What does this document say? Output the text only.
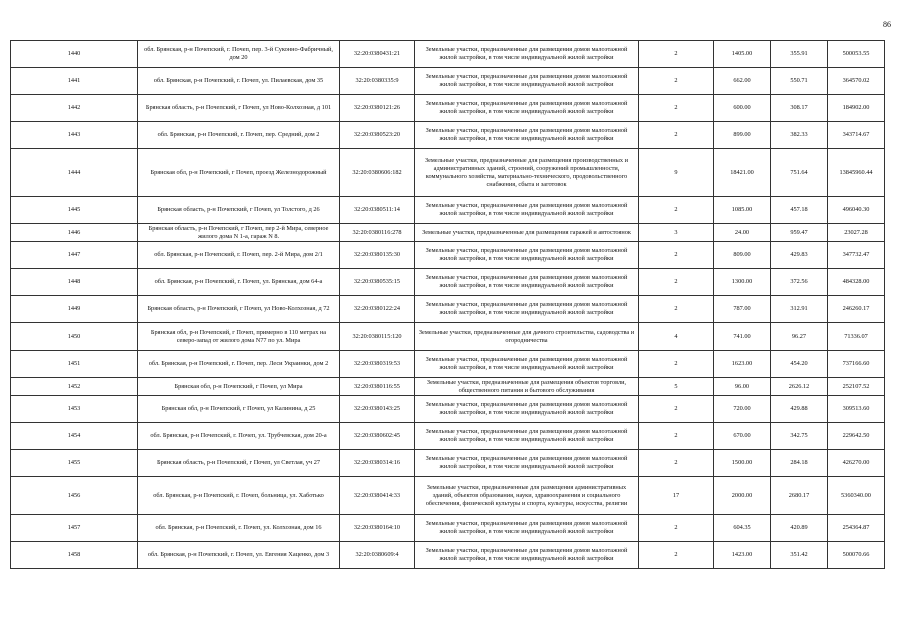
86
1440	обл. Брянская, р-н Почепский, г. Почеп, пер. 3-й Суконно-Фабричный, дом 20	32:20:0380431:21	Земельные участки, предназначенные для размещения домов малоэтажной жилой застройки, в том числе индивидуальной жилой застройки	2	1405.00	355.91	500053.55
1441	обл. Брянская, р-н Почепский, г. Почеп, ул. Пилаевская, дом 35	32:20:0380335:9	Земельные участки, предназначенные для размещения домов малоэтажной жилой застройки, в том числе индивидуальной жилой застройки	2	662.00	550.71	364570.02
1442	Брянская область, р-н Почепский, г Почеп, ул Ново-Колхозная, д 101	32:20:0380121:26	Земельные участки, предназначенные для размещения домов малоэтажной жилой застройки, в том числе индивидуальной жилой застройки	2	600.00	308.17	184902.00
1443	обл. Брянская, р-н Почепский, г. Почеп, пер. Средний, дом 2	32:20:0380523:20	Земельные участки, предназначенные для размещения домов малоэтажной жилой застройки, в том числе индивидуальной жилой застройки	2	899.00	382.33	343714.67
1444	Брянская обл, р-н Почепский, г Почеп, проезд Железнодорожный	32:20:0380606:182	Земельные участки, предназначенные для размещения производственных и административных зданий, строений, сооружений промышленности, коммунального хозяйства, материально-технического, продовольственного снабжения, сбыта и заготовок	9	18421.00	751.64	13845960.44
1445	Брянская область, р-н Почепский, г Почеп, ул Толстого, д 26	32:20:0380511:14	Земельные участки, предназначенные для размещения домов малоэтажной жилой застройки, в том числе индивидуальной жилой застройки	2	1085.00	457.18	496040.30
1446	Брянская область, р-н Почепский, г Почеп, пер 2-й Мира, северное жилого дома N 1-а, гараж N 8.	32:20:0380116:278	Земельные участки, предназначенные для размещения гаражей и автостоянок	3	24.00	959.47	23027.28
1447	обл. Брянская, р-н Почепский, г. Почеп, пер. 2-й Мира, дом 2/1	32:20:0380135:30	Земельные участки, предназначенные для размещения домов малоэтажной жилой застройки, в том числе индивидуальной жилой застройки	2	809.00	429.83	347732.47
1448	обл. Брянская, р-н Почепский, г. Почеп, ул. Брянская, дом 64-а	32:20:0380535:15	Земельные участки, предназначенные для размещения домов малоэтажной жилой застройки, в том числе индивидуальной жилой застройки	2	1300.00	372.56	484328.00
1449	Брянская область, р-н Почепский, г Почеп, ул Ново-Колхозная, д 72	32:20:0380122:24	Земельные участки, предназначенные для размещения домов малоэтажной жилой застройки, в том числе индивидуальной жилой застройки	2	787.00	312.91	246260.17
1450	Брянская обл, р-н Почепский, г Почеп, примерно в 110 метрах на северо-запад от жилого дома N77 по ул. Мира	32:20:0380115:120	Земельные участки, предназначенные для дачного строительства, садоводства и огородничества	4	741.00	96.27	71336.07
1451	обл. Брянская, р-н Почепский, г. Почеп, пер. Леси Украинки, дом 2	32:20:0380319:53	Земельные участки, предназначенные для размещения домов малоэтажной жилой застройки, в том числе индивидуальной жилой застройки	2	1623.00	454.20	737166.60
1452	Брянская обл, р-н Почепский, г Почеп, ул Мира	32:20:0380116:55	Земельные участки, предназначенные для размещения объектов торговли, общественного питания и бытового обслуживания	5	96.00	2626.12	252107.52
1453	Брянская обл, р-н Почепский, г Почеп, ул Калинина, д 25	32:20:0380143:25	Земельные участки, предназначенные для размещения домов малоэтажной жилой застройки, в том числе индивидуальной жилой застройки	2	720.00	429.88	309513.60
1454	обл. Брянская, р-н Почепский, г. Почеп, ул. Трубчевская, дом 20-а	32:20:0380602:45	Земельные участки, предназначенные для размещения домов малоэтажной жилой застройки, в том числе индивидуальной жилой застройки	2	670.00	342.75	229642.50
1455	Брянская область, р-н Почепский, г Почеп, ул Светлая, уч 27	32:20:0380314:16	Земельные участки, предназначенные для размещения домов малоэтажной жилой застройки, в том числе индивидуальной жилой застройки	2	1500.00	284.18	426270.00
1456	обл. Брянская, р-н Почепский, г. Почеп, больница, ул. Хаботько	32:20:0380414:33	Земельные участки, предназначенные для размещения административных зданий, объектов образования, науки, здравоохранения и социального обеспечения, физической культуры и спорта, культуры, искусства, религии	17	2000.00	2680.17	5360340.00
1457	обл. Брянская, р-н Почепский, г. Почеп, ул. Колхозная, дом 16	32:20:0380164:10	Земельные участки, предназначенные для размещения домов малоэтажной жилой застройки, в том числе индивидуальной жилой застройки	2	604.35	420.89	254364.87
1458	обл. Брянская, р-н Почепский, г. Почеп, ул. Евгения Хаценко, дом 3	32:20:0380609:4	Земельные участки, предназначенные для размещения домов малоэтажной жилой застройки, в том числе индивидуальной жилой застройки	2	1423.00	351.42	500070.66
